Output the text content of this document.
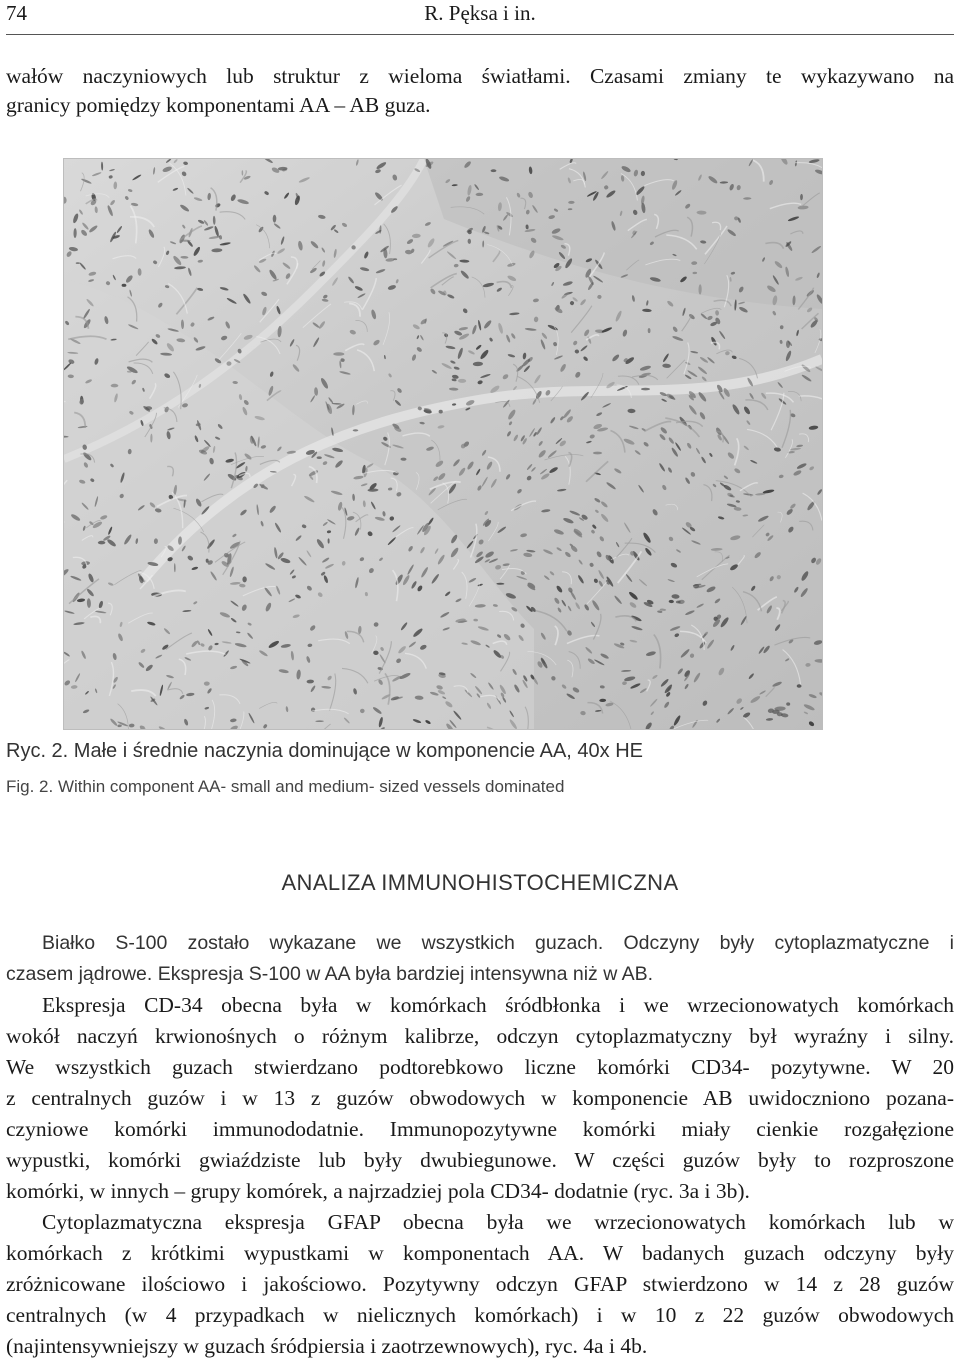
74	R. Pęksa i in.
wałów naczyniowych lub struktur z wieloma światłami. Czasami zmiany te wykazywano na
granicy pomiędzy komponentami AA – AB guza.
Ryc. 2. Małe i średnie naczynia dominujące w komponencie AA, 40x HE
Fig. 2. Within component AA- small and medium- sized vessels dominated
ANALIZA IMMUNOHISTOCHEMICZNA
Białko S-100 zostało wykazane we wszystkich guzach. Odczyny były cytoplazmatyczne i
czasem jądrowe. Ekspresja S-100 w AA była bardziej intensywna niż w AB.
Ekspresja CD-34 obecna była w komórkach śródbłonka i we wrzecionowatych komórkach
wokół naczyń krwionośnych o różnym kalibrze, odczyn cytoplazmatyczny był wyraźny i silny.
We wszystkich guzach stwierdzano podtorebkowo liczne komórki CD34- pozytywne. W 20
z centralnych guzów i w 13 z guzów obwodowych w komponencie AB uwidoczniono pozana-
czyniowe komórki immunododatnie. Immunopozytywne komórki miały cienkie rozgałęzione
wypustki, komórki gwiaździste lub były dwubiegunowe. W części guzów były to rozproszone
komórki, w innych – grupy komórek, a najrzadziej pola CD34- dodatnie (ryc. 3a i 3b).
Cytoplazmatyczna ekspresja GFAP obecna była we wrzecionowatych komórkach lub w
komórkach z krótkimi wypustkami w komponentach AA. W badanych guzach odczyny były
zróżnicowane ilościowo i jakościowo. Pozytywny odczyn GFAP stwierdzono w 14 z 28 guzów
centralnych (w 4 przypadkach w nielicznych komórkach) i w 10 z 22 guzów obwodowych
(najintensywniejszy w guzach śródpiersia i zaotrzewnowych), ryc. 4a i 4b.
